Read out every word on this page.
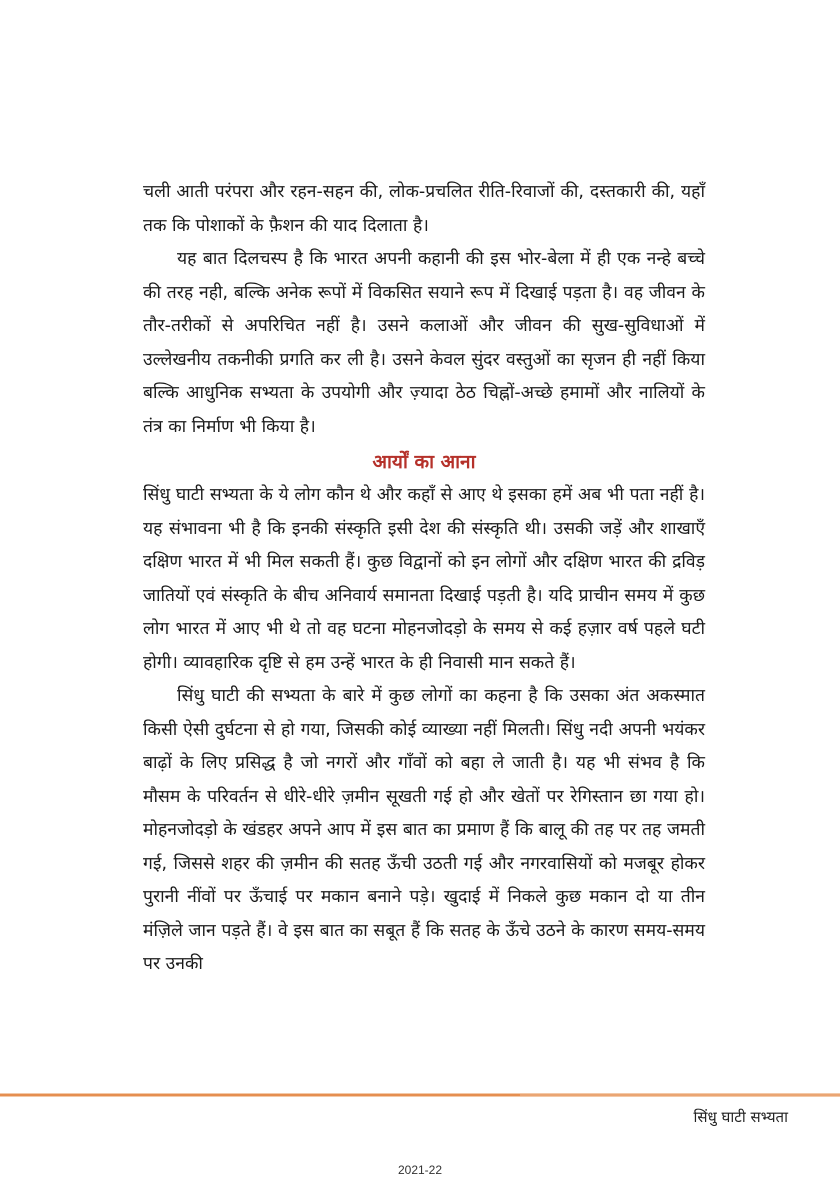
चली आती परंपरा और रहन-सहन की, लोक-प्रचलित रीति-रिवाजों की, दस्तकारी की, यहाँ तक कि पोशाकों के फ़ैशन की याद दिलाता है।

यह बात दिलचस्प है कि भारत अपनी कहानी की इस भोर-बेला में ही एक नन्हे बच्चे की तरह नही, बल्कि अनेक रूपों में विकसित सयाने रूप में दिखाई पड़ता है। वह जीवन के तौर-तरीकों से अपरिचित नहीं है। उसने कलाओं और जीवन की सुख-सुविधाओं में उल्लेखनीय तकनीकी प्रगति कर ली है। उसने केवल सुंदर वस्तुओं का सृजन ही नहीं किया बल्कि आधुनिक सभ्यता के उपयोगी और ज़्यादा ठेठ चिह्नों-अच्छे हमामों और नालियों के तंत्र का निर्माण भी किया है।

आर्यों का आना

सिंधु घाटी सभ्यता के ये लोग कौन थे और कहाँ से आए थे इसका हमें अब भी पता नहीं है। यह संभावना भी है कि इनकी संस्कृति इसी देश की संस्कृति थी। उसकी जड़ें और शाखाएँ दक्षिण भारत में भी मिल सकती हैं। कुछ विद्वानों को इन लोगों और दक्षिण भारत की द्रविड़ जातियों एवं संस्कृति के बीच अनिवार्य समानता दिखाई पड़ती है। यदि प्राचीन समय में कुछ लोग भारत में आए भी थे तो वह घटना मोहनजोदड़ो के समय से कई हज़ार वर्ष पहले घटी होगी। व्यावहारिक दृष्टि से हम उन्हें भारत के ही निवासी मान सकते हैं।

सिंधु घाटी की सभ्यता के बारे में कुछ लोगों का कहना है कि उसका अंत अकस्मात किसी ऐसी दुर्घटना से हो गया, जिसकी कोई व्याख्या नहीं मिलती। सिंधु नदी अपनी भयंकर बाढ़ों के लिए प्रसिद्ध है जो नगरों और गाँवों को बहा ले जाती है। यह भी संभव है कि मौसम के परिवर्तन से धीरे-धीरे ज़मीन सूखती गई हो और खेतों पर रेगिस्तान छा गया हो। मोहनजोदड़ो के खंडहर अपने आप में इस बात का प्रमाण हैं कि बालू की तह पर तह जमती गई, जिससे शहर की ज़मीन की सतह ऊँची उठती गई और नगरवासियों को मजबूर होकर पुरानी नींवों पर ऊँचाई पर मकान बनाने पड़े। खुदाई में निकले कुछ मकान दो या तीन मंज़िले जान पड़ते हैं। वे इस बात का सबूत हैं कि सतह के ऊँचे उठने के कारण समय-समय पर उनकी

सिंधु घाटी सभ्यता
2021-22
